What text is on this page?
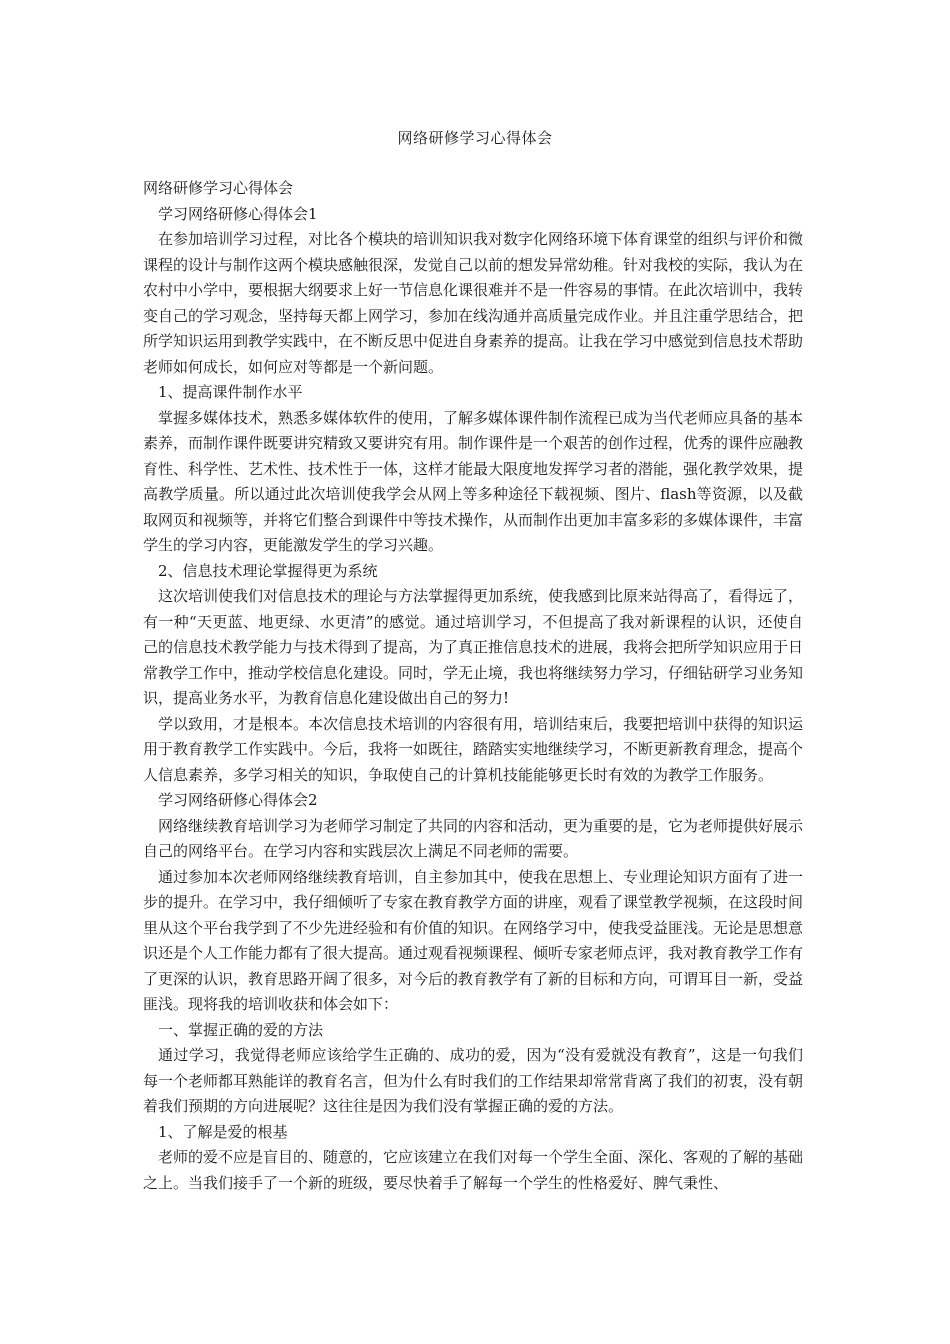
网络研修学习心得体会

网络研修学习心得体会

学习网络研修心得体会1

在参加培训学习过程，对比各个模块的培训知识我对数字化网络环境下体育课堂的组织与评价和微课程的设计与制作这两个模块感触很深，发觉自己以前的想发异常幼稚。针对我校的实际，我认为在农村中小学中，要根据大纲要求上好一节信息化课很难并不是一件容易的事情。在此次培训中，我转变自己的学习观念，坚持每天都上网学习，参加在线沟通并高质量完成作业。并且注重学思结合，把所学知识运用到教学实践中，在不断反思中促进自身素养的提高。让我在学习中感觉到信息技术帮助老师如何成长，如何应对等都是一个新问题。

1、提高课件制作水平

掌握多媒体技术，熟悉多媒体软件的使用，了解多媒体课件制作流程已成为当代老师应具备的基本素养，而制作课件既要讲究精致又要讲究有用。制作课件是一个艰苦的创作过程，优秀的课件应融教育性、科学性、艺术性、技术性于一体，这样才能最大限度地发挥学习者的潜能，强化教学效果，提高教学质量。所以通过此次培训使我学会从网上等多种途径下载视频、图片、flash等资源，以及截取网页和视频等，并将它们整合到课件中等技术操作，从而制作出更加丰富多彩的多媒体课件，丰富学生的学习内容，更能激发学生的学习兴趣。

2、信息技术理论掌握得更为系统

这次培训使我们对信息技术的理论与方法掌握得更加系统，使我感到比原来站得高了，看得远了，有一种“天更蓝、地更绿、水更清”的感觉。通过培训学习，不但提高了我对新课程的认识，还使自己的信息技术教学能力与技术得到了提高，为了真正推信息技术的进展，我将会把所学知识应用于日常教学工作中，推动学校信息化建设。同时，学无止境，我也将继续努力学习，仔细钻研学习业务知识，提高业务水平，为教育信息化建设做出自己的努力!

学以致用，才是根本。本次信息技术培训的内容很有用，培训结束后，我要把培训中获得的知识运用于教育教学工作实践中。今后，我将一如既往，踏踏实实地继续学习，不断更新教育理念，提高个人信息素养，多学习相关的知识，争取使自己的计算机技能能够更长时有效的为教学工作服务。

学习网络研修心得体会2

网络继续教育培训学习为老师学习制定了共同的内容和活动，更为重要的是，它为老师提供好展示自己的网络平台。在学习内容和实践层次上满足不同老师的需要。

通过参加本次老师网络继续教育培训，自主参加其中，使我在思想上、专业理论知识方面有了进一步的提升。在学习中，我仔细倾听了专家在教育教学方面的讲座，观看了课堂教学视频，在这段时间里从这个平台我学到了不少先进经验和有价值的知识。在网络学习中，使我受益匪浅。无论是思想意识还是个人工作能力都有了很大提高。通过观看视频课程、倾听专家老师点评，我对教育教学工作有了更深的认识，教育思路开阔了很多，对今后的教育教学有了新的目标和方向，可谓耳目一新，受益匪浅。现将我的培训收获和体会如下：

一、掌握正确的爱的方法

通过学习，我觉得老师应该给学生正确的、成功的爱，因为“没有爱就没有教育”，这是一句我们每一个老师都耳熟能详的教育名言，但为什么有时我们的工作结果却常常背离了我们的初衷，没有朝着我们预期的方向进展呢？这往往是因为我们没有掌握正确的爱的方法。

1、了解是爱的根基

老师的爱不应是盲目的、随意的，它应该建立在我们对每一个学生全面、深化、客观的了解的基础之上。当我们接手了一个新的班级，要尽快着手了解每一个学生的性格爱好、脾气秉性、
